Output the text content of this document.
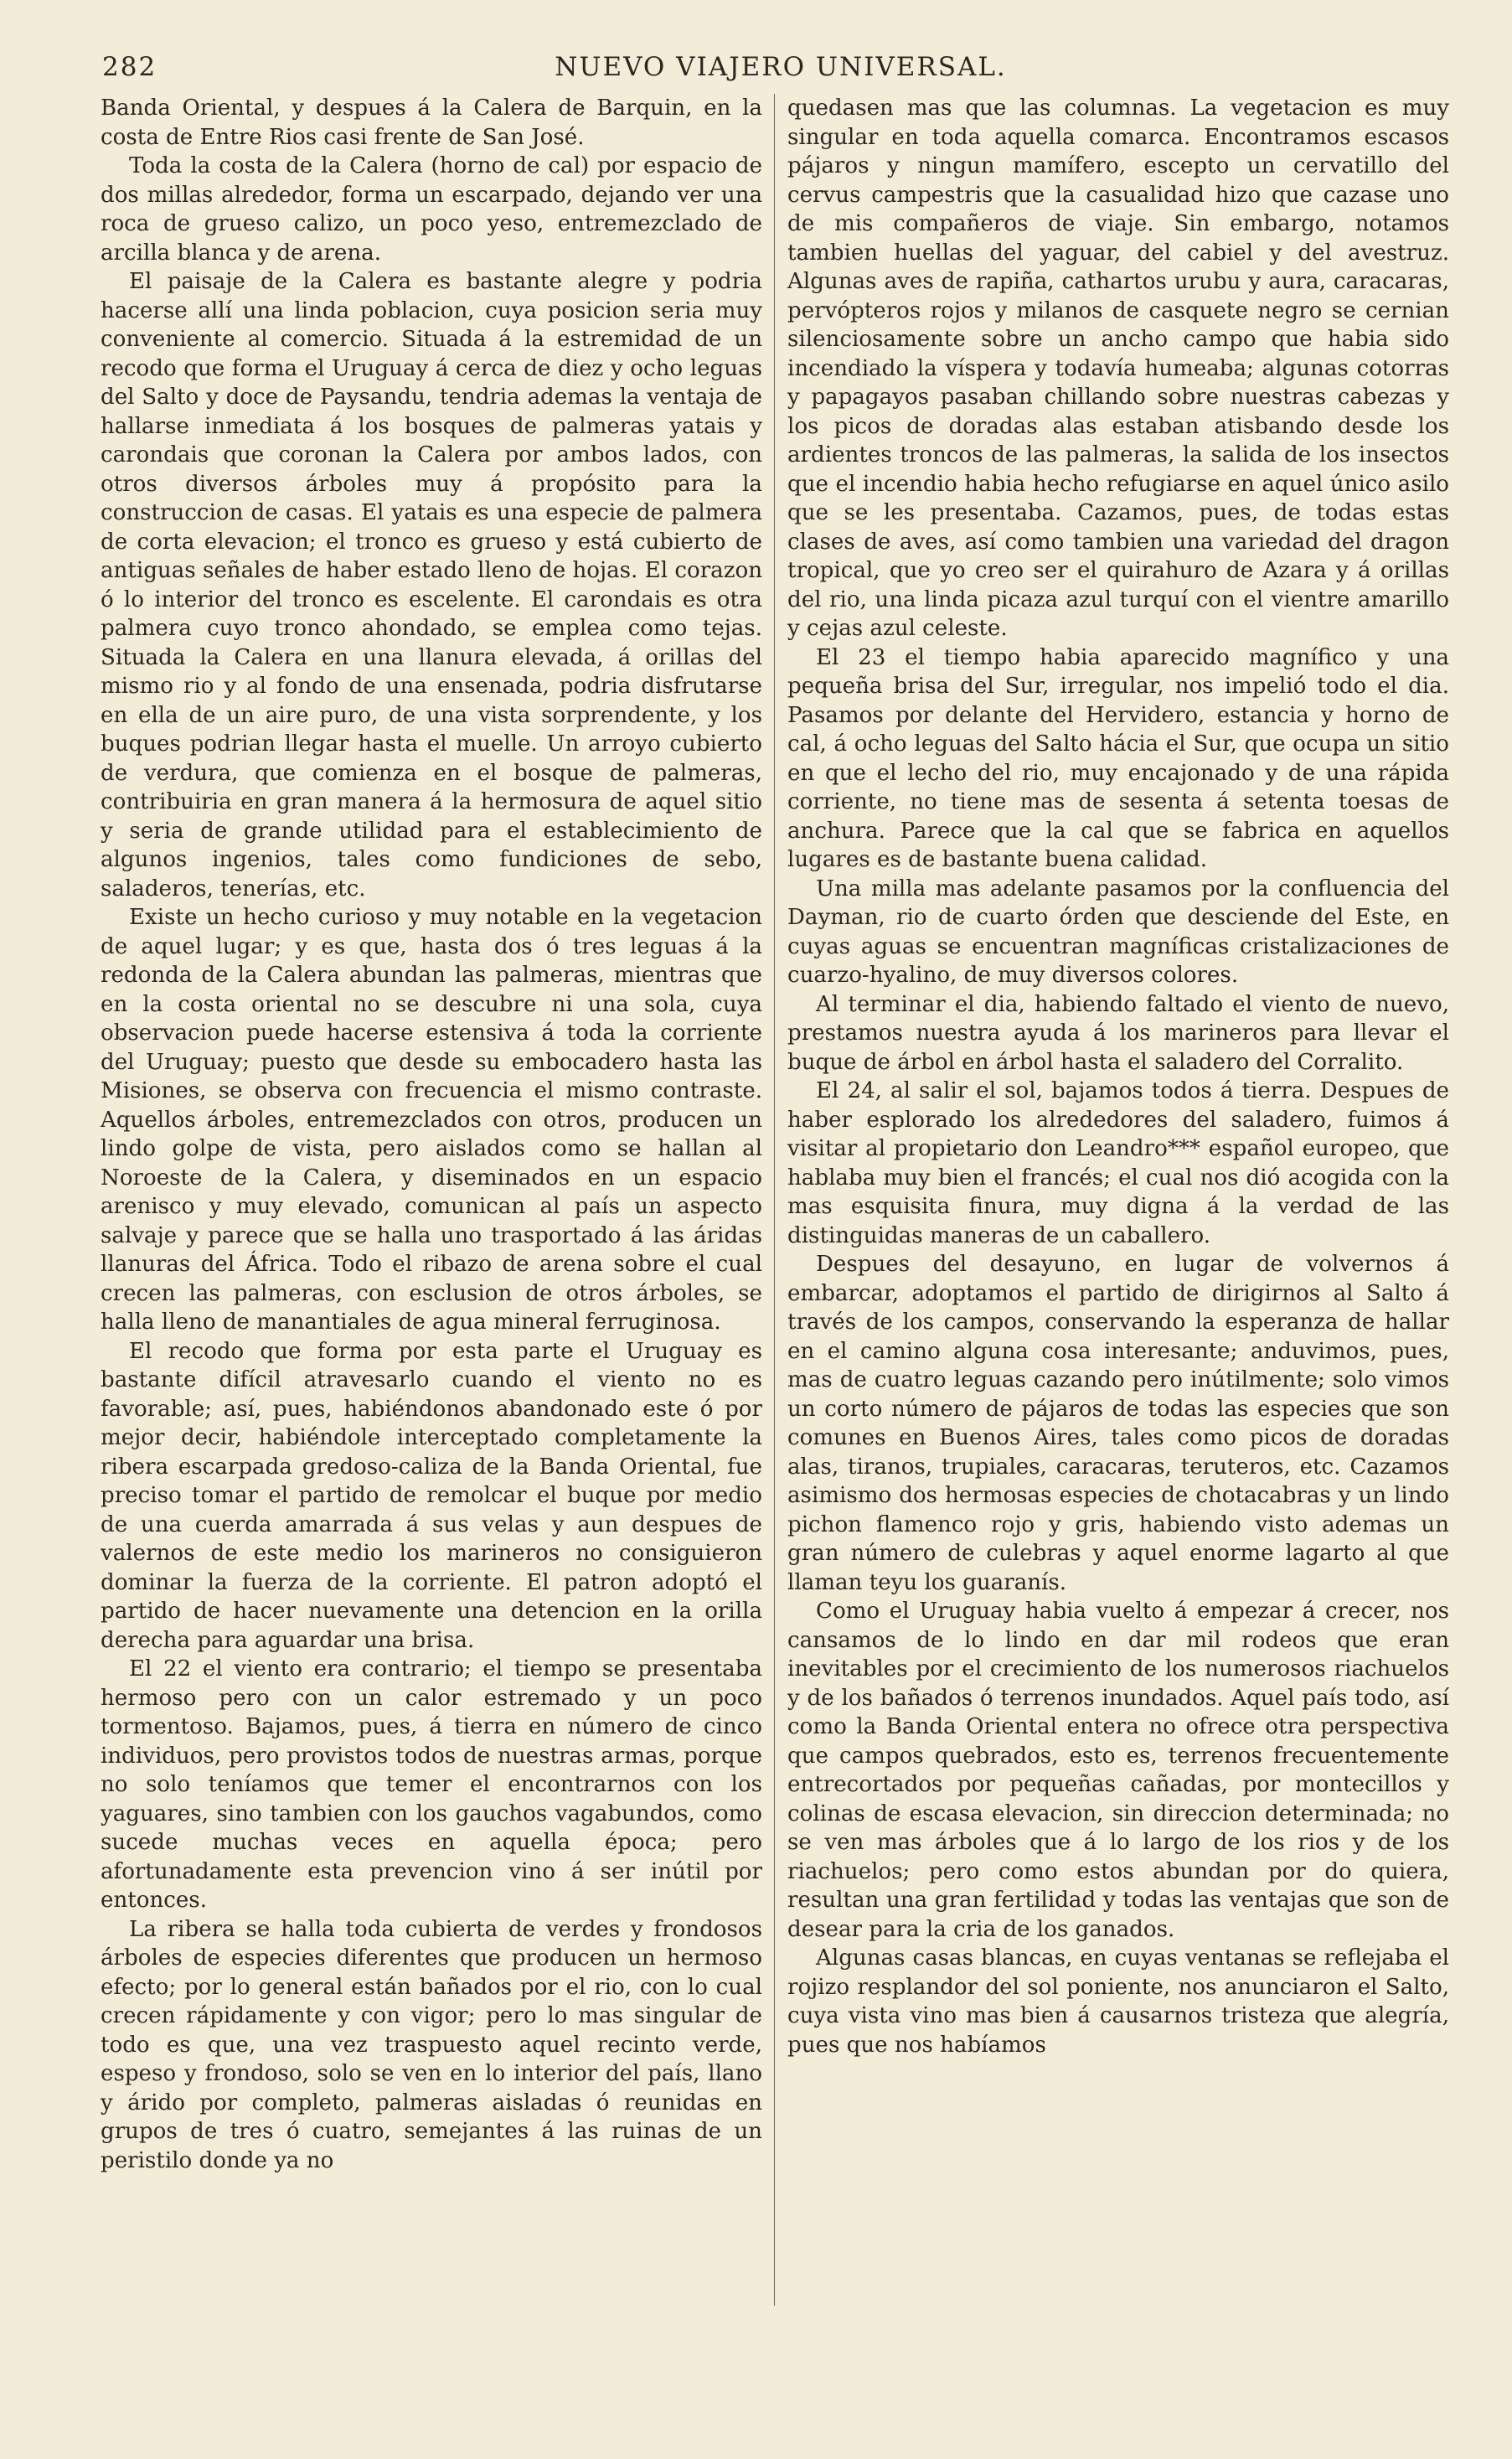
282	NUEVO VIAJERO UNIVERSAL.

Banda Oriental, y despues á la Calera de Barquin, en la costa de Entre Rios casi frente de San José.

Toda la costa de la Calera (horno de cal) por espacio de dos millas alrededor, forma un escarpado, dejando ver una roca de grueso calizo, un poco yeso, entremezclado de arcilla blanca y de arena.

El paisaje de la Calera es bastante alegre y podria hacerse allí una linda poblacion, cuya posicion seria muy conveniente al comercio. Situada á la estremidad de un recodo que forma el Uruguay á cerca de diez y ocho leguas del Salto y doce de Paysandu, tendria ademas la ventaja de hallarse inmediata á los bosques de palmeras yatais y carondais que coronan la Calera por ambos lados, con otros diversos árboles muy á propósito para la construccion de casas. El yatais es una especie de palmera de corta elevacion; el tronco es grueso y está cubierto de antiguas señales de haber estado lleno de hojas. El corazon ó lo interior del tronco es escelente. El carondais es otra palmera cuyo tronco ahondado, se emplea como tejas. Situada la Calera en una llanura elevada, á orillas del mismo rio y al fondo de una ensenada, podria disfrutarse en ella de un aire puro, de una vista sorprendente, y los buques podrian llegar hasta el muelle. Un arroyo cubierto de verdura, que comienza en el bosque de palmeras, contribuiria en gran manera á la hermosura de aquel sitio y seria de grande utilidad para el establecimiento de algunos ingenios, tales como fundiciones de sebo, saladeros, tenerías, etc.

Existe un hecho curioso y muy notable en la vegetacion de aquel lugar; y es que, hasta dos ó tres leguas á la redonda de la Calera abundan las palmeras, mientras que en la costa oriental no se descubre ni una sola, cuya observacion puede hacerse estensiva á toda la corriente del Uruguay; puesto que desde su embocadero hasta las Misiones, se observa con frecuencia el mismo contraste. Aquellos árboles, entremezclados con otros, producen un lindo golpe de vista, pero aislados como se hallan al Noroeste de la Calera, y diseminados en un espacio arenisco y muy elevado, comunican al país un aspecto salvaje y parece que se halla uno trasportado á las áridas llanuras del África. Todo el ribazo de arena sobre el cual crecen las palmeras, con esclusion de otros árboles, se halla lleno de manantiales de agua mineral ferruginosa.

El recodo que forma por esta parte el Uruguay es bastante difícil atravesarlo cuando el viento no es favorable; así, pues, habiéndonos abandonado este ó por mejor decir, habiéndole interceptado completamente la ribera escarpada gredoso-caliza de la Banda Oriental, fue preciso tomar el partido de remolcar el buque por medio de una cuerda amarrada á sus velas y aun despues de valernos de este medio los marineros no consiguieron dominar la fuerza de la corriente. El patron adoptó el partido de hacer nuevamente una detencion en la orilla derecha para aguardar una brisa.

El 22 el viento era contrario; el tiempo se presentaba hermoso pero con un calor estremado y un poco tormentoso. Bajamos, pues, á tierra en número de cinco individuos, pero provistos todos de nuestras armas, porque no solo teníamos que temer el encontrarnos con los yaguares, sino tambien con los gauchos vagabundos, como sucede muchas veces en aquella época; pero afortunadamente esta prevencion vino á ser inútil por entonces.

La ribera se halla toda cubierta de verdes y frondosos árboles de especies diferentes que producen un hermoso efecto; por lo general están bañados por el rio, con lo cual crecen rápidamente y con vigor; pero lo mas singular de todo es que, una vez traspuesto aquel recinto verde, espeso y frondoso, solo se ven en lo interior del país, llano y árido por completo, palmeras aisladas ó reunidas en grupos de tres ó cuatro, semejantes á las ruinas de un peristilo donde ya no

quedasen mas que las columnas. La vegetacion es muy singular en toda aquella comarca. Encontramos escasos pájaros y ningun mamífero, escepto un cervatillo del cervus campestris que la casualidad hizo que cazase uno de mis compañeros de viaje. Sin embargo, notamos tambien huellas del yaguar, del cabiel y del avestruz. Algunas aves de rapiña, cathartos urubu y aura, caracaras, pervópteros rojos y milanos de casquete negro se cernian silenciosamente sobre un ancho campo que habia sido incendiado la víspera y todavía humeaba; algunas cotorras y papagayos pasaban chillando sobre nuestras cabezas y los picos de doradas alas estaban atisbando desde los ardientes troncos de las palmeras, la salida de los insectos que el incendio habia hecho refugiarse en aquel único asilo que se les presentaba. Cazamos, pues, de todas estas clases de aves, así como tambien una variedad del dragon tropical, que yo creo ser el quirahuro de Azara y á orillas del rio, una linda picaza azul turquí con el vientre amarillo y cejas azul celeste.

El 23 el tiempo habia aparecido magnífico y una pequeña brisa del Sur, irregular, nos impelió todo el dia. Pasamos por delante del Hervidero, estancia y horno de cal, á ocho leguas del Salto hácia el Sur, que ocupa un sitio en que el lecho del rio, muy encajonado y de una rápida corriente, no tiene mas de sesenta á setenta toesas de anchura. Parece que la cal que se fabrica en aquellos lugares es de bastante buena calidad.

Una milla mas adelante pasamos por la confluencia del Dayman, rio de cuarto órden que desciende del Este, en cuyas aguas se encuentran magníficas cristalizaciones de cuarzo-hyalino, de muy diversos colores.

Al terminar el dia, habiendo faltado el viento de nuevo, prestamos nuestra ayuda á los marineros para llevar el buque de árbol en árbol hasta el saladero del Corralito.

El 24, al salir el sol, bajamos todos á tierra. Despues de haber esplorado los alrededores del saladero, fuimos á visitar al propietario don Leandro*** español europeo, que hablaba muy bien el francés; el cual nos dió acogida con la mas esquisita finura, muy digna á la verdad de las distinguidas maneras de un caballero.

Despues del desayuno, en lugar de volvernos á embarcar, adoptamos el partido de dirigirnos al Salto á través de los campos, conservando la esperanza de hallar en el camino alguna cosa interesante; anduvimos, pues, mas de cuatro leguas cazando pero inútilmente; solo vimos un corto número de pájaros de todas las especies que son comunes en Buenos Aires, tales como picos de doradas alas, tiranos, trupiales, caracaras, teruteros, etc. Cazamos asimismo dos hermosas especies de chotacabras y un lindo pichon flamenco rojo y gris, habiendo visto ademas un gran número de culebras y aquel enorme lagarto al que llaman teyu los guaranís.

Como el Uruguay habia vuelto á empezar á crecer, nos cansamos de lo lindo en dar mil rodeos que eran inevitables por el crecimiento de los numerosos riachuelos y de los bañados ó terrenos inundados. Aquel país todo, así como la Banda Oriental entera no ofrece otra perspectiva que campos quebrados, esto es, terrenos frecuentemente entrecortados por pequeñas cañadas, por montecillos y colinas de escasa elevacion, sin direccion determinada; no se ven mas árboles que á lo largo de los rios y de los riachuelos; pero como estos abundan por do quiera, resultan una gran fertilidad y todas las ventajas que son de desear para la cria de los ganados.

Algunas casas blancas, en cuyas ventanas se reflejaba el rojizo resplandor del sol poniente, nos anunciaron el Salto, cuya vista vino mas bien á causarnos tristeza que alegría, pues que nos habíamos
